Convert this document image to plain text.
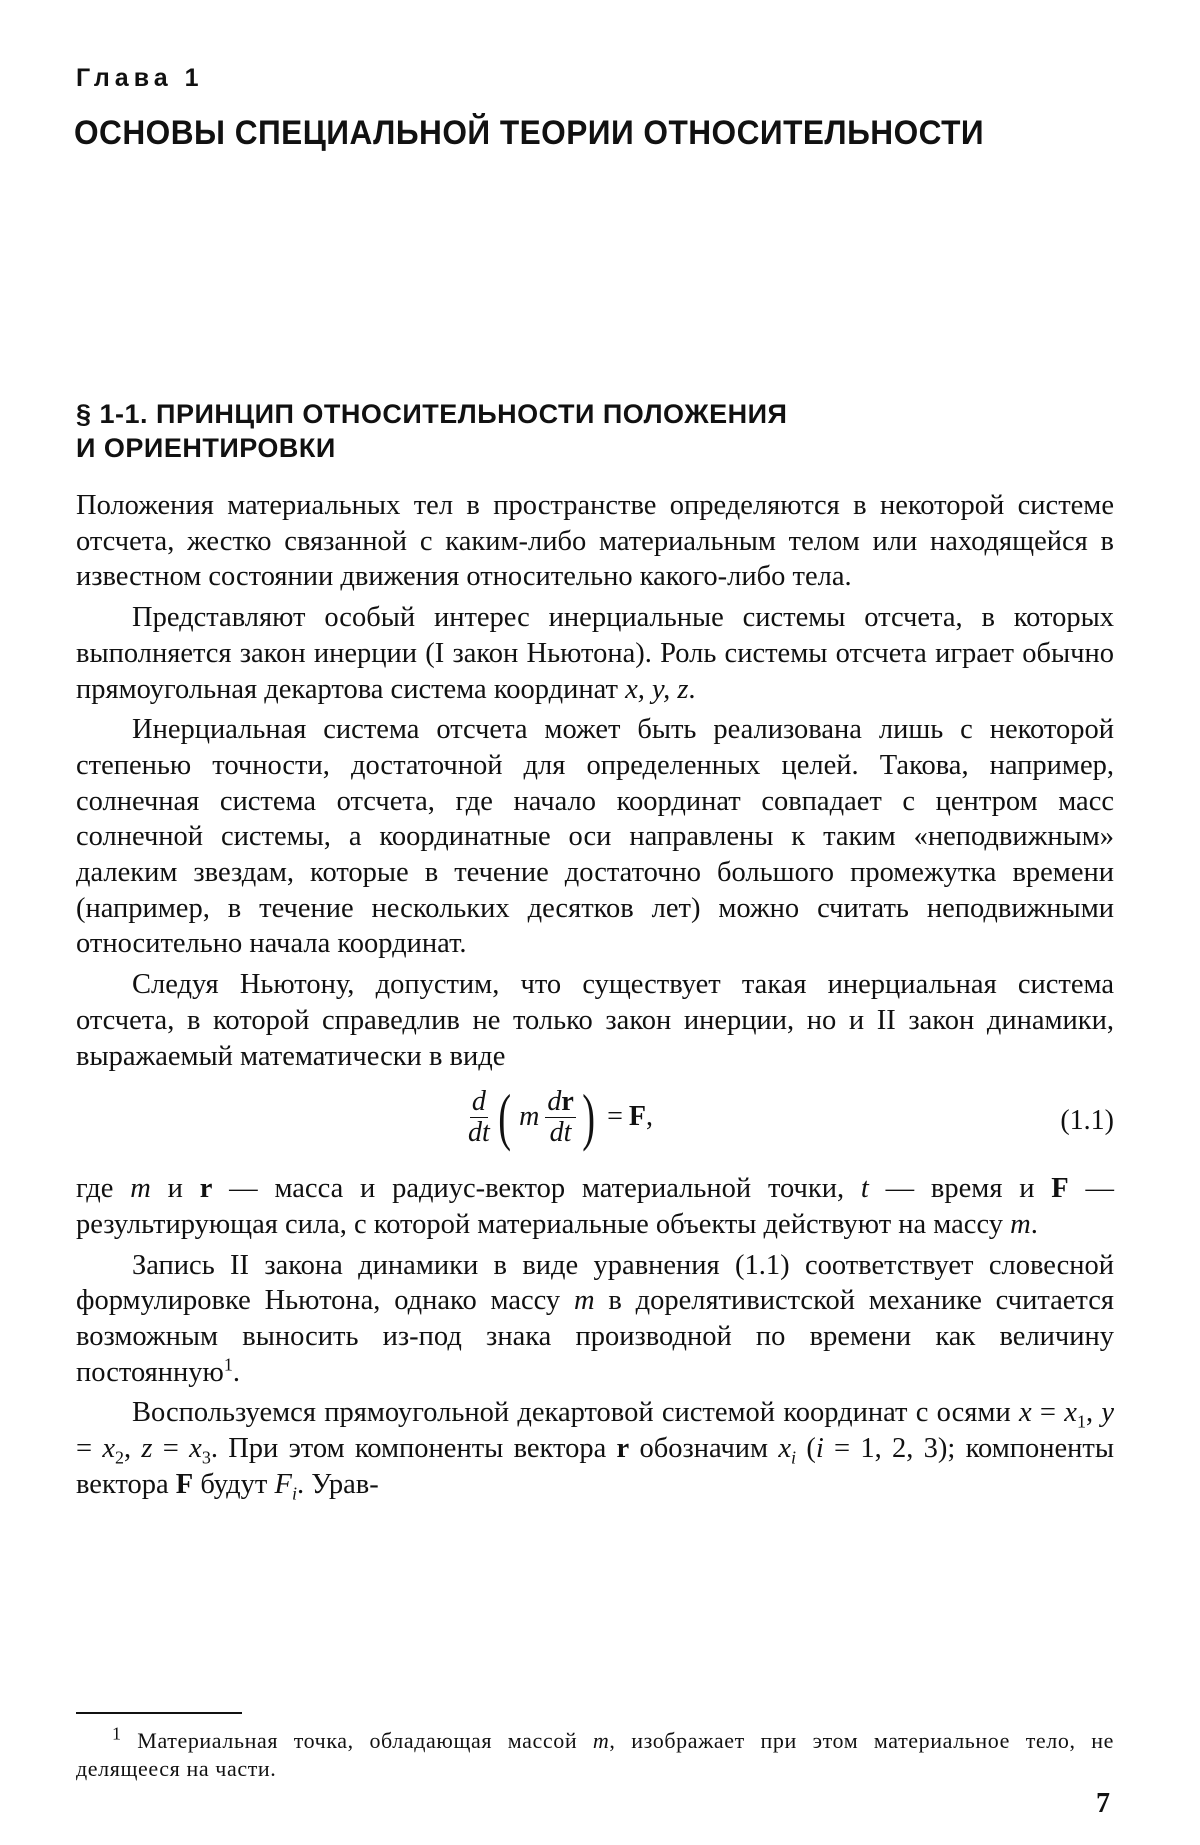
Глава 1
ОСНОВЫ СПЕЦИАЛЬНОЙ ТЕОРИИ ОТНОСИТЕЛЬНОСТИ
§ 1-1. ПРИНЦИП ОТНОСИТЕЛЬНОСТИ ПОЛОЖЕНИЯ
И ОРИЕНТИРОВКИ

Положения материальных тел в пространстве определяются в некоторой системе отсчета, жестко связанной с каким-либо материальным телом или находящейся в известном состоянии движения относительно какого-либо тела.

Представляют особый интерес инерциальные системы отсчета, в которых выполняется закон инерции (I закон Ньютона). Роль системы отсчета играет обычно прямоугольная декартова система координат x, y, z.

Инерциальная система отсчета может быть реализована лишь с некоторой степенью точности, достаточной для определенных целей. Такова, например, солнечная система отсчета, где начало координат совпадает с центром масс солнечной системы, а координатные оси направлены к таким «неподвижным» далеким звездам, которые в течение достаточно большого промежутка времени (например, в течение нескольких десятков лет) можно считать неподвижными относительно начала координат.

Следуя Ньютону, допустим, что существует такая инерциальная система отсчета, в которой справедлив не только закон инерции, но и II закон динамики, выражаемый математически в виде

$\frac{d}{dt}$ ( m $\frac{dr}{dt}$ ) = F ,	(1.1)

где m и r — масса и радиус-вектор материальной точки, t — время и F — результирующая сила, с которой материальные объекты действуют на массу m.

Запись II закона динамики в виде уравнения (1.1) соответствует словесной формулировке Ньютона, однако массу m в дорелятивистской механике считается возможным выносить из-под знака производной по времени как величину постоянную$^1$.

Воспользуемся прямоугольной декартовой системой координат с осями $x = x_1$, $y = x_2$, $z = x_3$. При этом компоненты вектора r обозначим $x_i$ (i = 1, 2, 3); компоненты вектора F будут $F_i$. Урав-

$^1$ Материальная точка, обладающая массой m, изображает при этом материальное тело, не делящееся на части.
7
